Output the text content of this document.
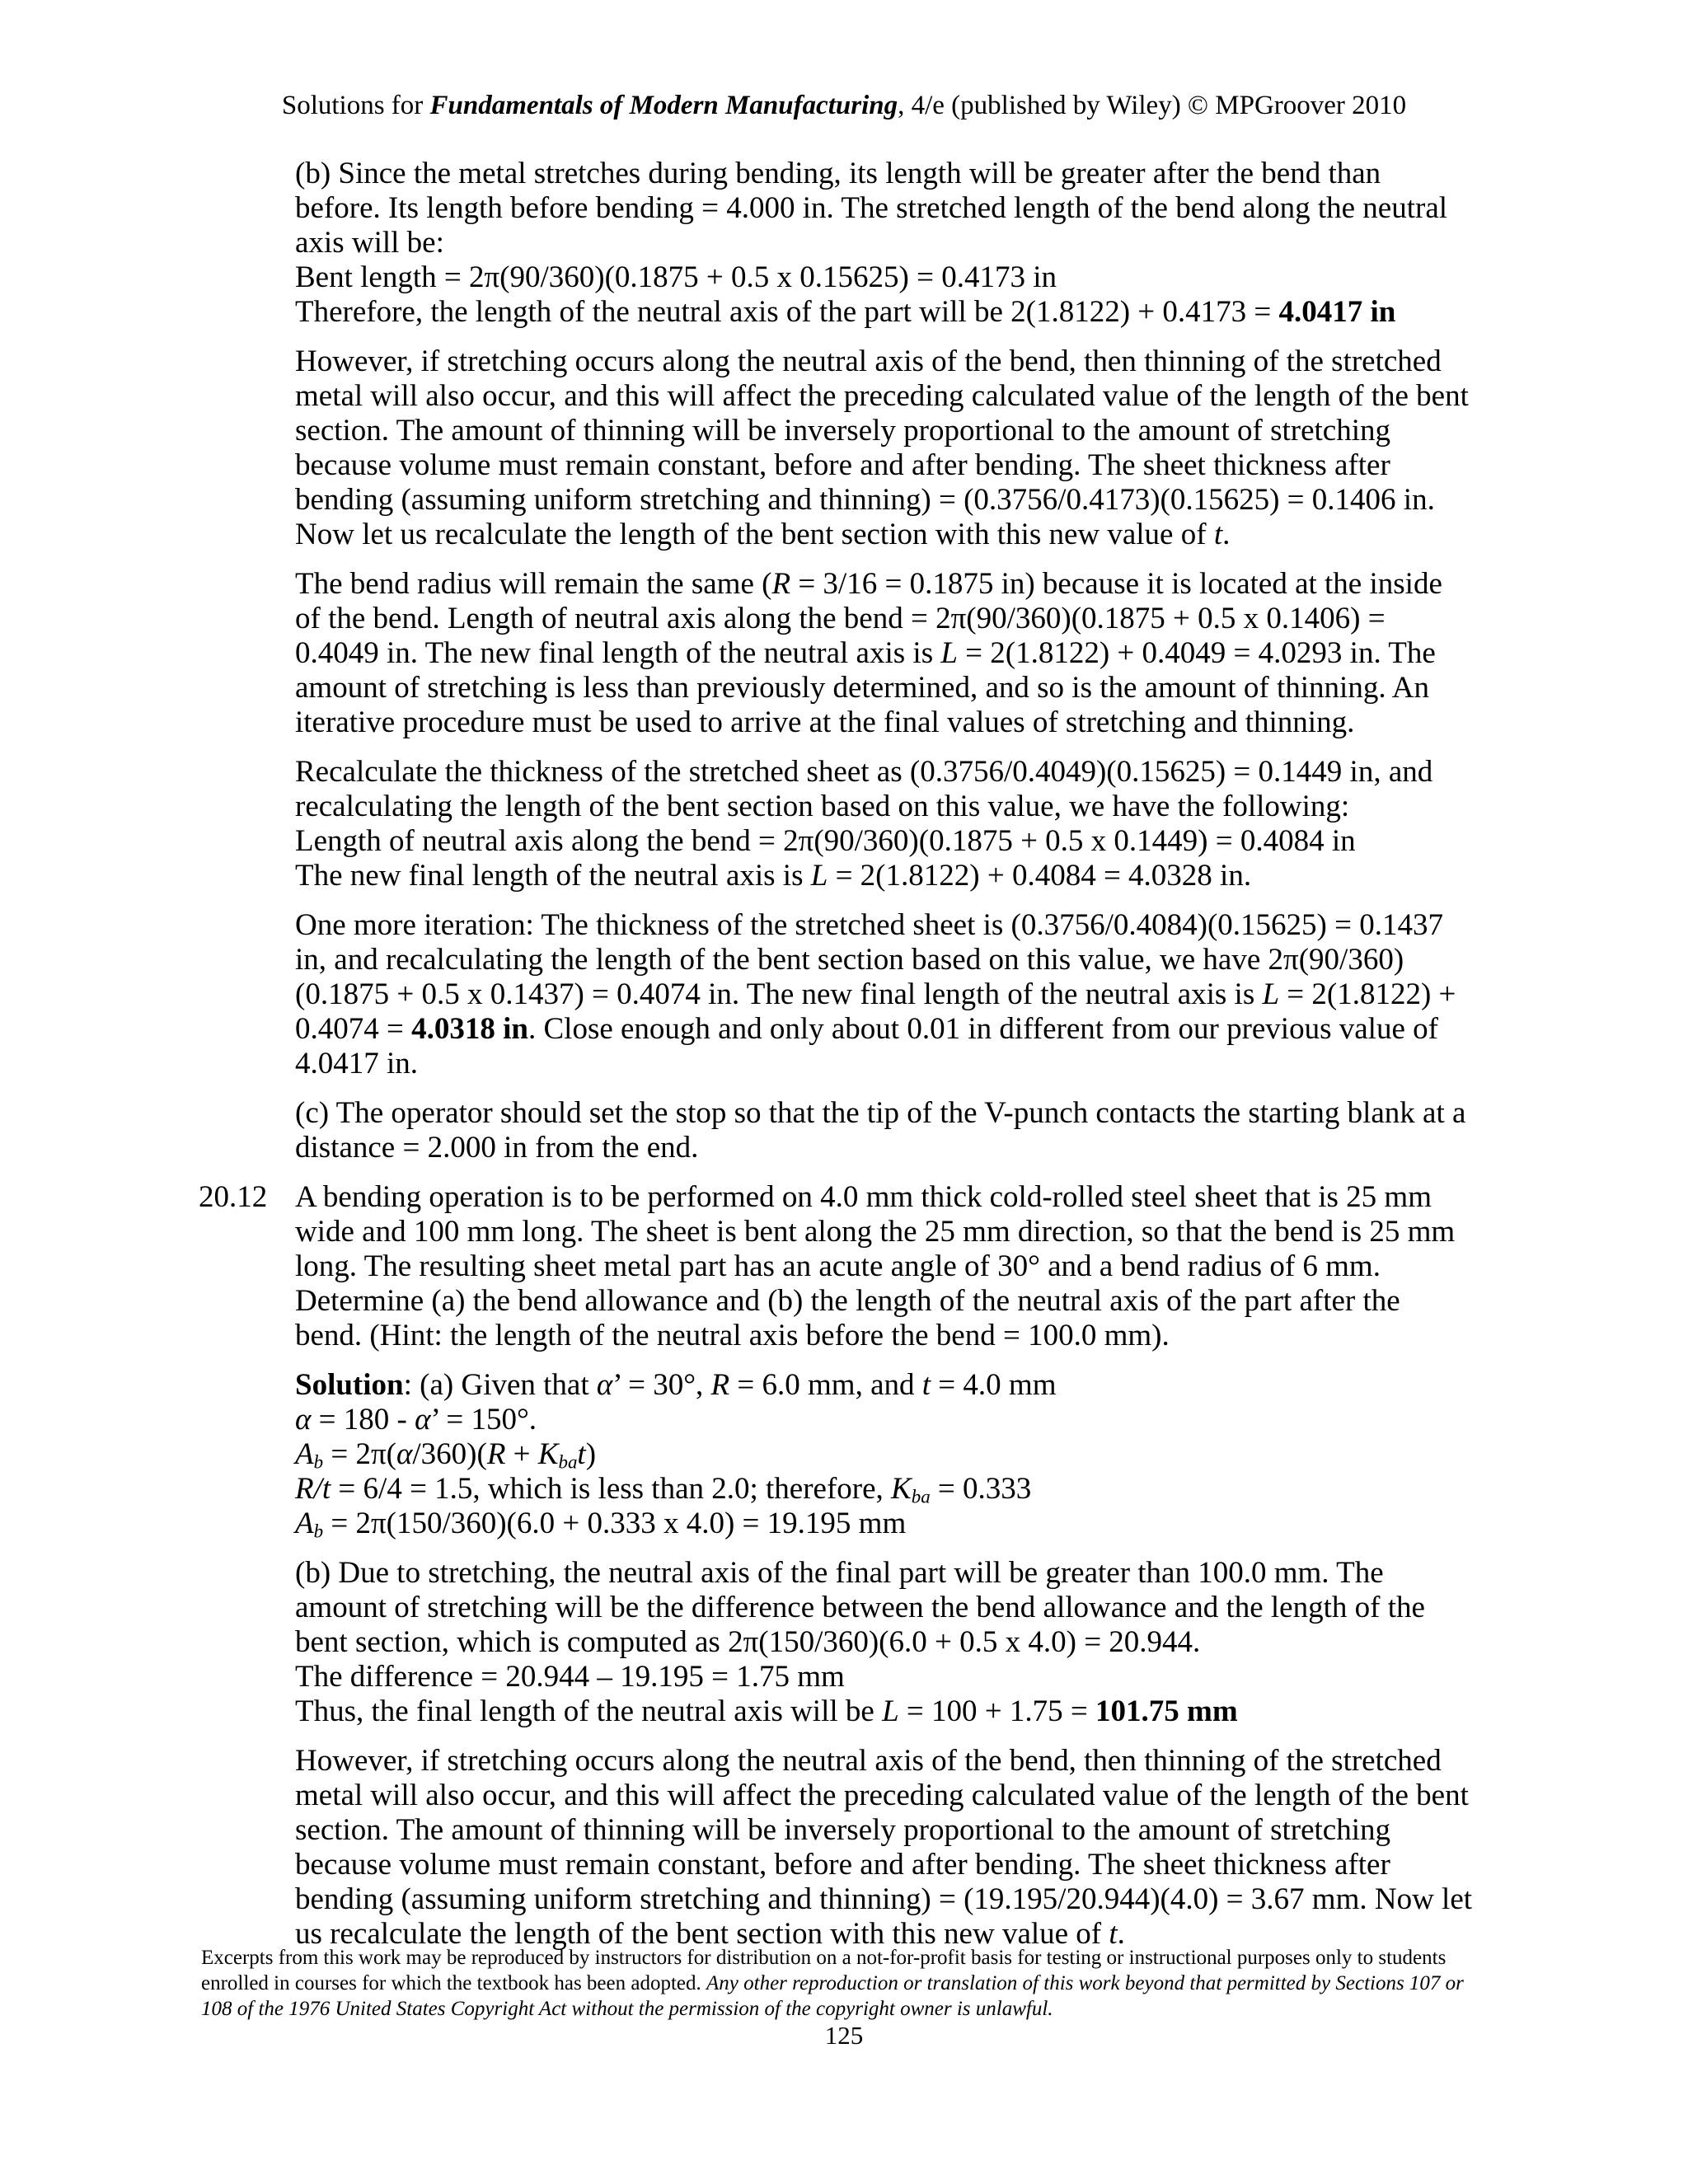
Solutions for Fundamentals of Modern Manufacturing, 4/e (published by Wiley) © MPGroover 2010

(b) Since the metal stretches during bending, its length will be greater after the bend than before. Its length before bending = 4.000 in. The stretched length of the bend along the neutral axis will be:
Bent length = 2π(90/360)(0.1875 + 0.5 x 0.15625) = 0.4173 in
Therefore, the length of the neutral axis of the part will be 2(1.8122) + 0.4173 = 4.0417 in

However, if stretching occurs along the neutral axis of the bend, then thinning of the stretched metal will also occur, and this will affect the preceding calculated value of the length of the bent section. The amount of thinning will be inversely proportional to the amount of stretching because volume must remain constant, before and after bending. The sheet thickness after bending (assuming uniform stretching and thinning) = (0.3756/0.4173)(0.15625) = 0.1406 in. Now let us recalculate the length of the bent section with this new value of t.

The bend radius will remain the same (R = 3/16 = 0.1875 in) because it is located at the inside of the bend. Length of neutral axis along the bend = 2π(90/360)(0.1875 + 0.5 x 0.1406) = 0.4049 in. The new final length of the neutral axis is L = 2(1.8122) + 0.4049 = 4.0293 in. The amount of stretching is less than previously determined, and so is the amount of thinning. An iterative procedure must be used to arrive at the final values of stretching and thinning.

Recalculate the thickness of the stretched sheet as (0.3756/0.4049)(0.15625) = 0.1449 in, and recalculating the length of the bent section based on this value, we have the following:
Length of neutral axis along the bend = 2π(90/360)(0.1875 + 0.5 x 0.1449) = 0.4084 in
The new final length of the neutral axis is L = 2(1.8122) + 0.4084 = 4.0328 in.

One more iteration: The thickness of the stretched sheet is (0.3756/0.4084)(0.15625) = 0.1437 in, and recalculating the length of the bent section based on this value, we have 2π(90/360)(0.1875 + 0.5 x 0.1437) = 0.4074 in. The new final length of the neutral axis is L = 2(1.8122) + 0.4074 = 4.0318 in. Close enough and only about 0.01 in different from our previous value of 4.0417 in.

(c) The operator should set the stop so that the tip of the V-punch contacts the starting blank at a distance = 2.000 in from the end.

20.12 A bending operation is to be performed on 4.0 mm thick cold-rolled steel sheet that is 25 mm wide and 100 mm long. The sheet is bent along the 25 mm direction, so that the bend is 25 mm long. The resulting sheet metal part has an acute angle of 30° and a bend radius of 6 mm. Determine (a) the bend allowance and (b) the length of the neutral axis of the part after the bend. (Hint: the length of the neutral axis before the bend = 100.0 mm).

Solution: (a) Given that α’ = 30°, R = 6.0 mm, and t = 4.0 mm
α = 180 - α’ = 150°.
$A_b = 2\pi(\alpha/360)(R + K_{ba}t)$
R/t = 6/4 = 1.5, which is less than 2.0; therefore, $K_{ba} = 0.333$
$A_b = 2\pi(150/360)(6.0 + 0.333$ x 4.0) = 19.195 mm

(b) Due to stretching, the neutral axis of the final part will be greater than 100.0 mm. The amount of stretching will be the difference between the bend allowance and the length of the bent section, which is computed as 2π(150/360)(6.0 + 0.5 x 4.0) = 20.944.
The difference = 20.944 – 19.195 = 1.75 mm
Thus, the final length of the neutral axis will be L = 100 + 1.75 = 101.75 mm

However, if stretching occurs along the neutral axis of the bend, then thinning of the stretched metal will also occur, and this will affect the preceding calculated value of the length of the bent section. The amount of thinning will be inversely proportional to the amount of stretching because volume must remain constant, before and after bending. The sheet thickness after bending (assuming uniform stretching and thinning) = (19.195/20.944)(4.0) = 3.67 mm. Now let us recalculate the length of the bent section with this new value of t.

Excerpts from this work may be reproduced by instructors for distribution on a not-for-profit basis for testing or instructional purposes only to students enrolled in courses for which the textbook has been adopted. Any other reproduction or translation of this work beyond that permitted by Sections 107 or 108 of the 1976 United States Copyright Act without the permission of the copyright owner is unlawful.
125
